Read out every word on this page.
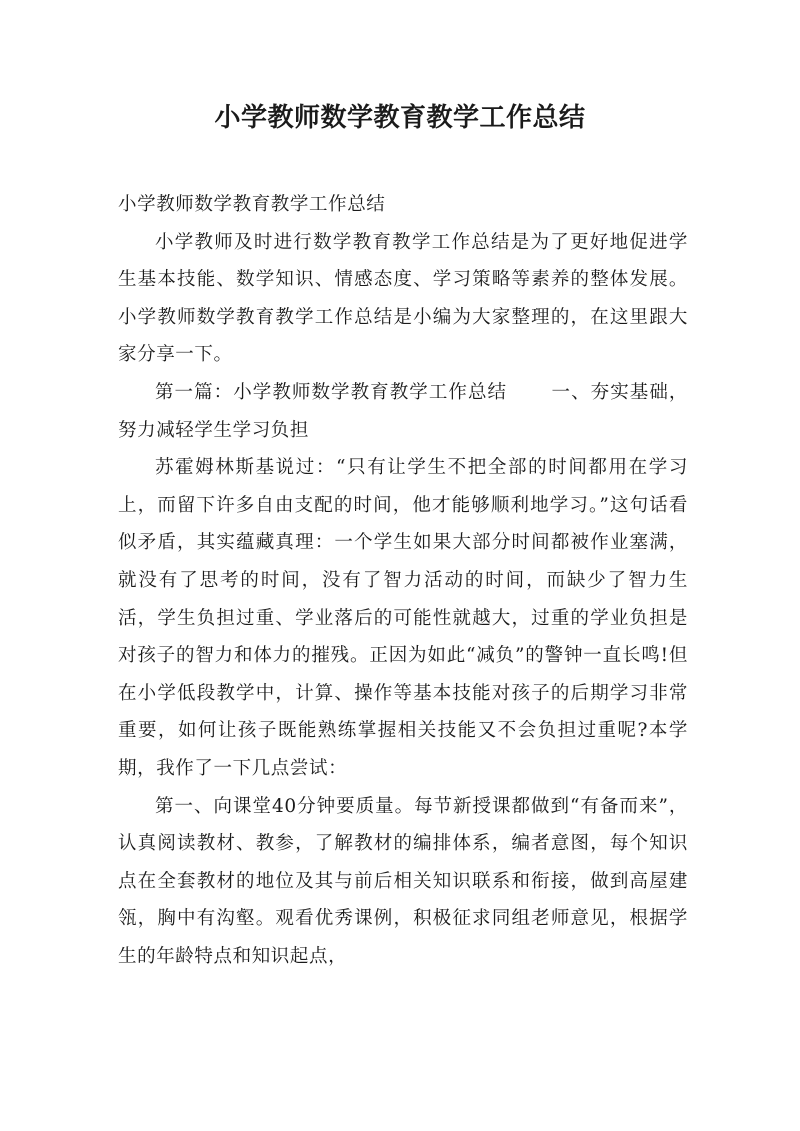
小学教师数学教育教学工作总结

小学教师数学教育教学工作总结

小学教师及时进行数学教育教学工作总结是为了更好地促进学生基本技能、数学知识、情感态度、学习策略等素养的整体发展。小学教师数学教育教学工作总结是小编为大家整理的，在这里跟大家分享一下。

第一篇：小学教师数学教育教学工作总结 一、夯实基础，努力减轻学生学习负担

苏霍姆林斯基说过：“只有让学生不把全部的时间都用在学习上，而留下许多自由支配的时间，他才能够顺利地学习。”这句话看似矛盾，其实蕴藏真理：一个学生如果大部分时间都被作业塞满，就没有了思考的时间，没有了智力活动的时间，而缺少了智力生活，学生负担过重、学业落后的可能性就越大，过重的学业负担是对孩子的智力和体力的摧残。正因为如此“减负”的警钟一直长鸣!但在小学低段教学中，计算、操作等基本技能对孩子的后期学习非常重要，如何让孩子既能熟练掌握相关技能又不会负担过重呢?本学期，我作了一下几点尝试：

第一、向课堂40分钟要质量。每节新授课都做到“有备而来”，认真阅读教材、教参，了解教材的编排体系，编者意图，每个知识点在全套教材的地位及其与前后相关知识联系和衔接，做到高屋建瓴，胸中有沟壑。观看优秀课例，积极征求同组老师意见，根据学生的年龄特点和知识起点，
